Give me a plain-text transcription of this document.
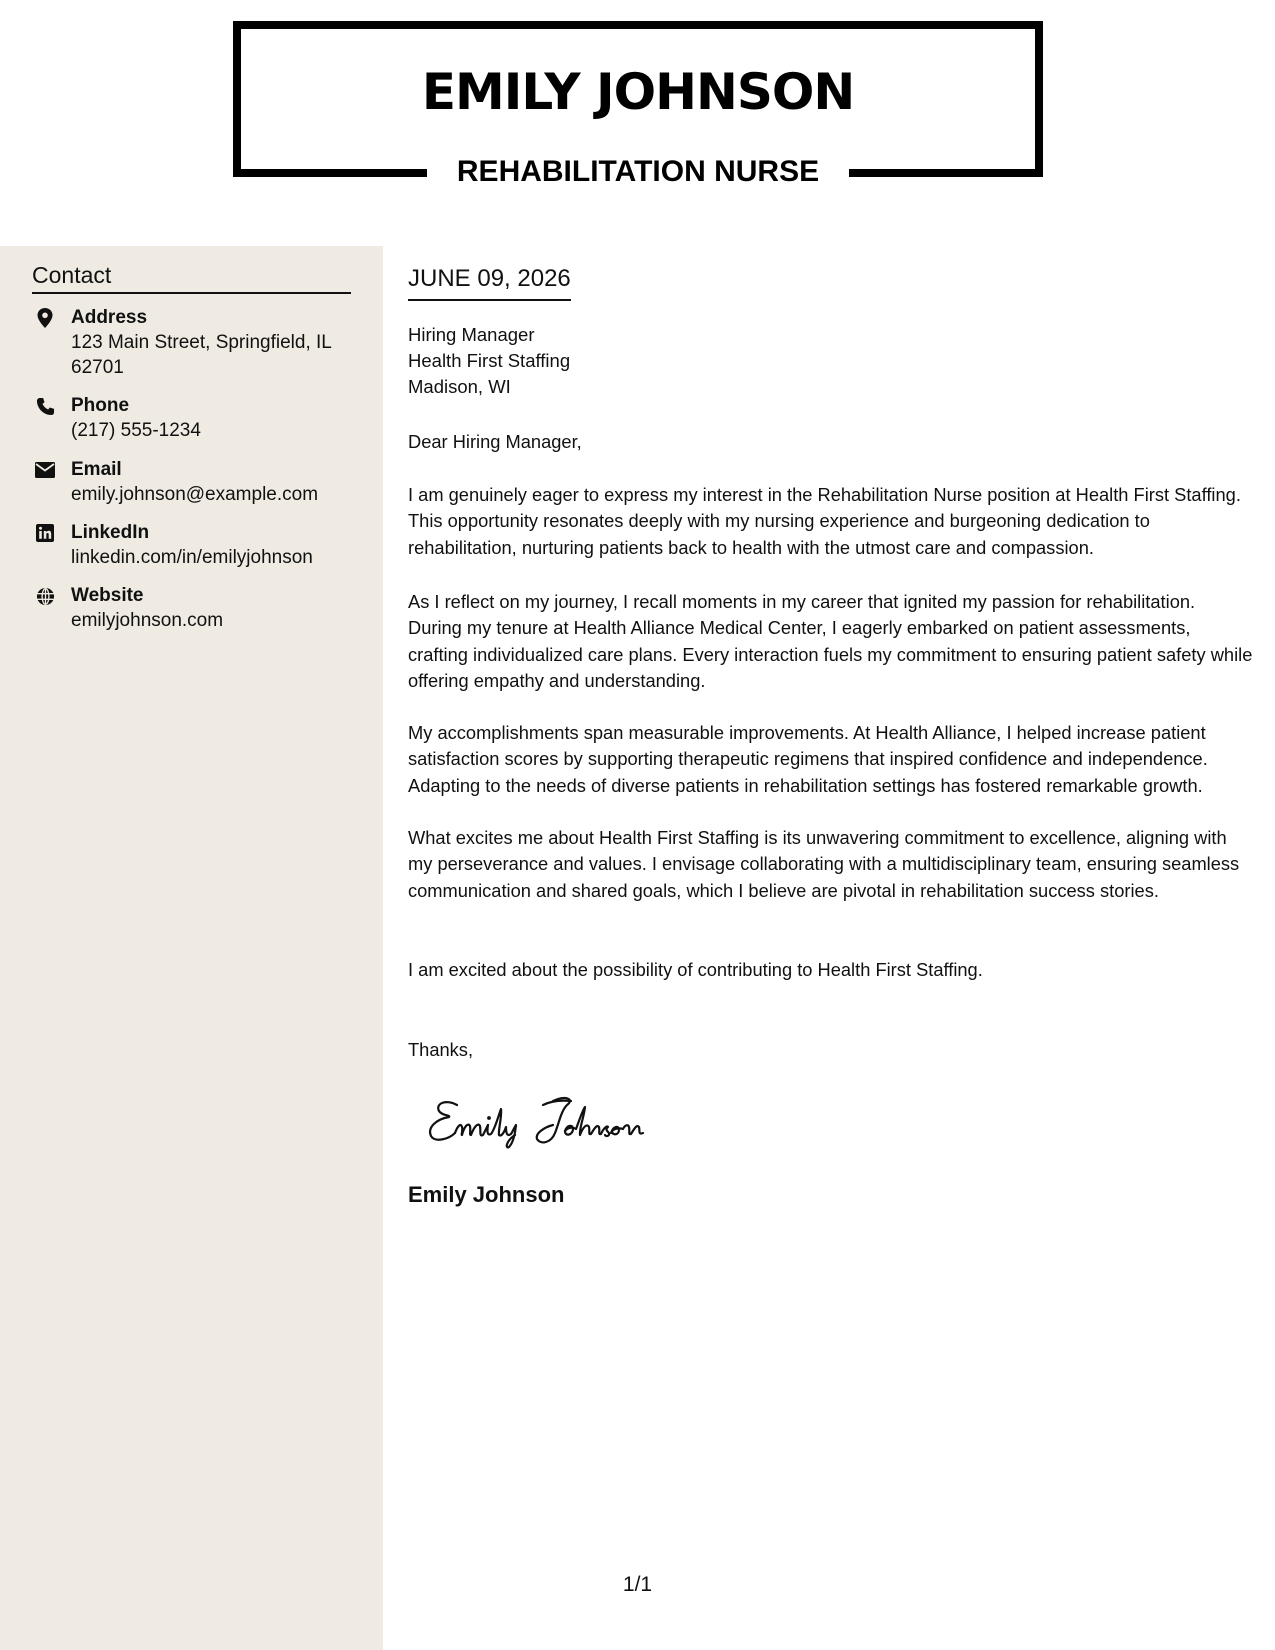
EMILY JOHNSON
REHABILITATION NURSE
Contact
Address
123 Main Street, Springfield, IL 62701
Phone
(217) 555-1234
Email
emily.johnson@example.com
LinkedIn
linkedin.com/in/emilyjohnson
Website
emilyjohnson.com
JUNE 09, 2026
Hiring Manager
Health First Staffing
Madison, WI
Dear Hiring Manager,
I am genuinely eager to express my interest in the Rehabilitation Nurse position at Health First Staffing. This opportunity resonates deeply with my nursing experience and burgeoning dedication to rehabilitation, nurturing patients back to health with the utmost care and compassion.
As I reflect on my journey, I recall moments in my career that ignited my passion for rehabilitation. During my tenure at Health Alliance Medical Center, I eagerly embarked on patient assessments, crafting individualized care plans. Every interaction fuels my commitment to ensuring patient safety while offering empathy and understanding.
My accomplishments span measurable improvements. At Health Alliance, I helped increase patient satisfaction scores by supporting therapeutic regimens that inspired confidence and independence. Adapting to the needs of diverse patients in rehabilitation settings has fostered remarkable growth.
What excites me about Health First Staffing is its unwavering commitment to excellence, aligning with my perseverance and values. I envisage collaborating with a multidisciplinary team, ensuring seamless communication and shared goals, which I believe are pivotal in rehabilitation success stories.
I am excited about the possibility of contributing to Health First Staffing.
Thanks,
Emily Johnson
1/1
